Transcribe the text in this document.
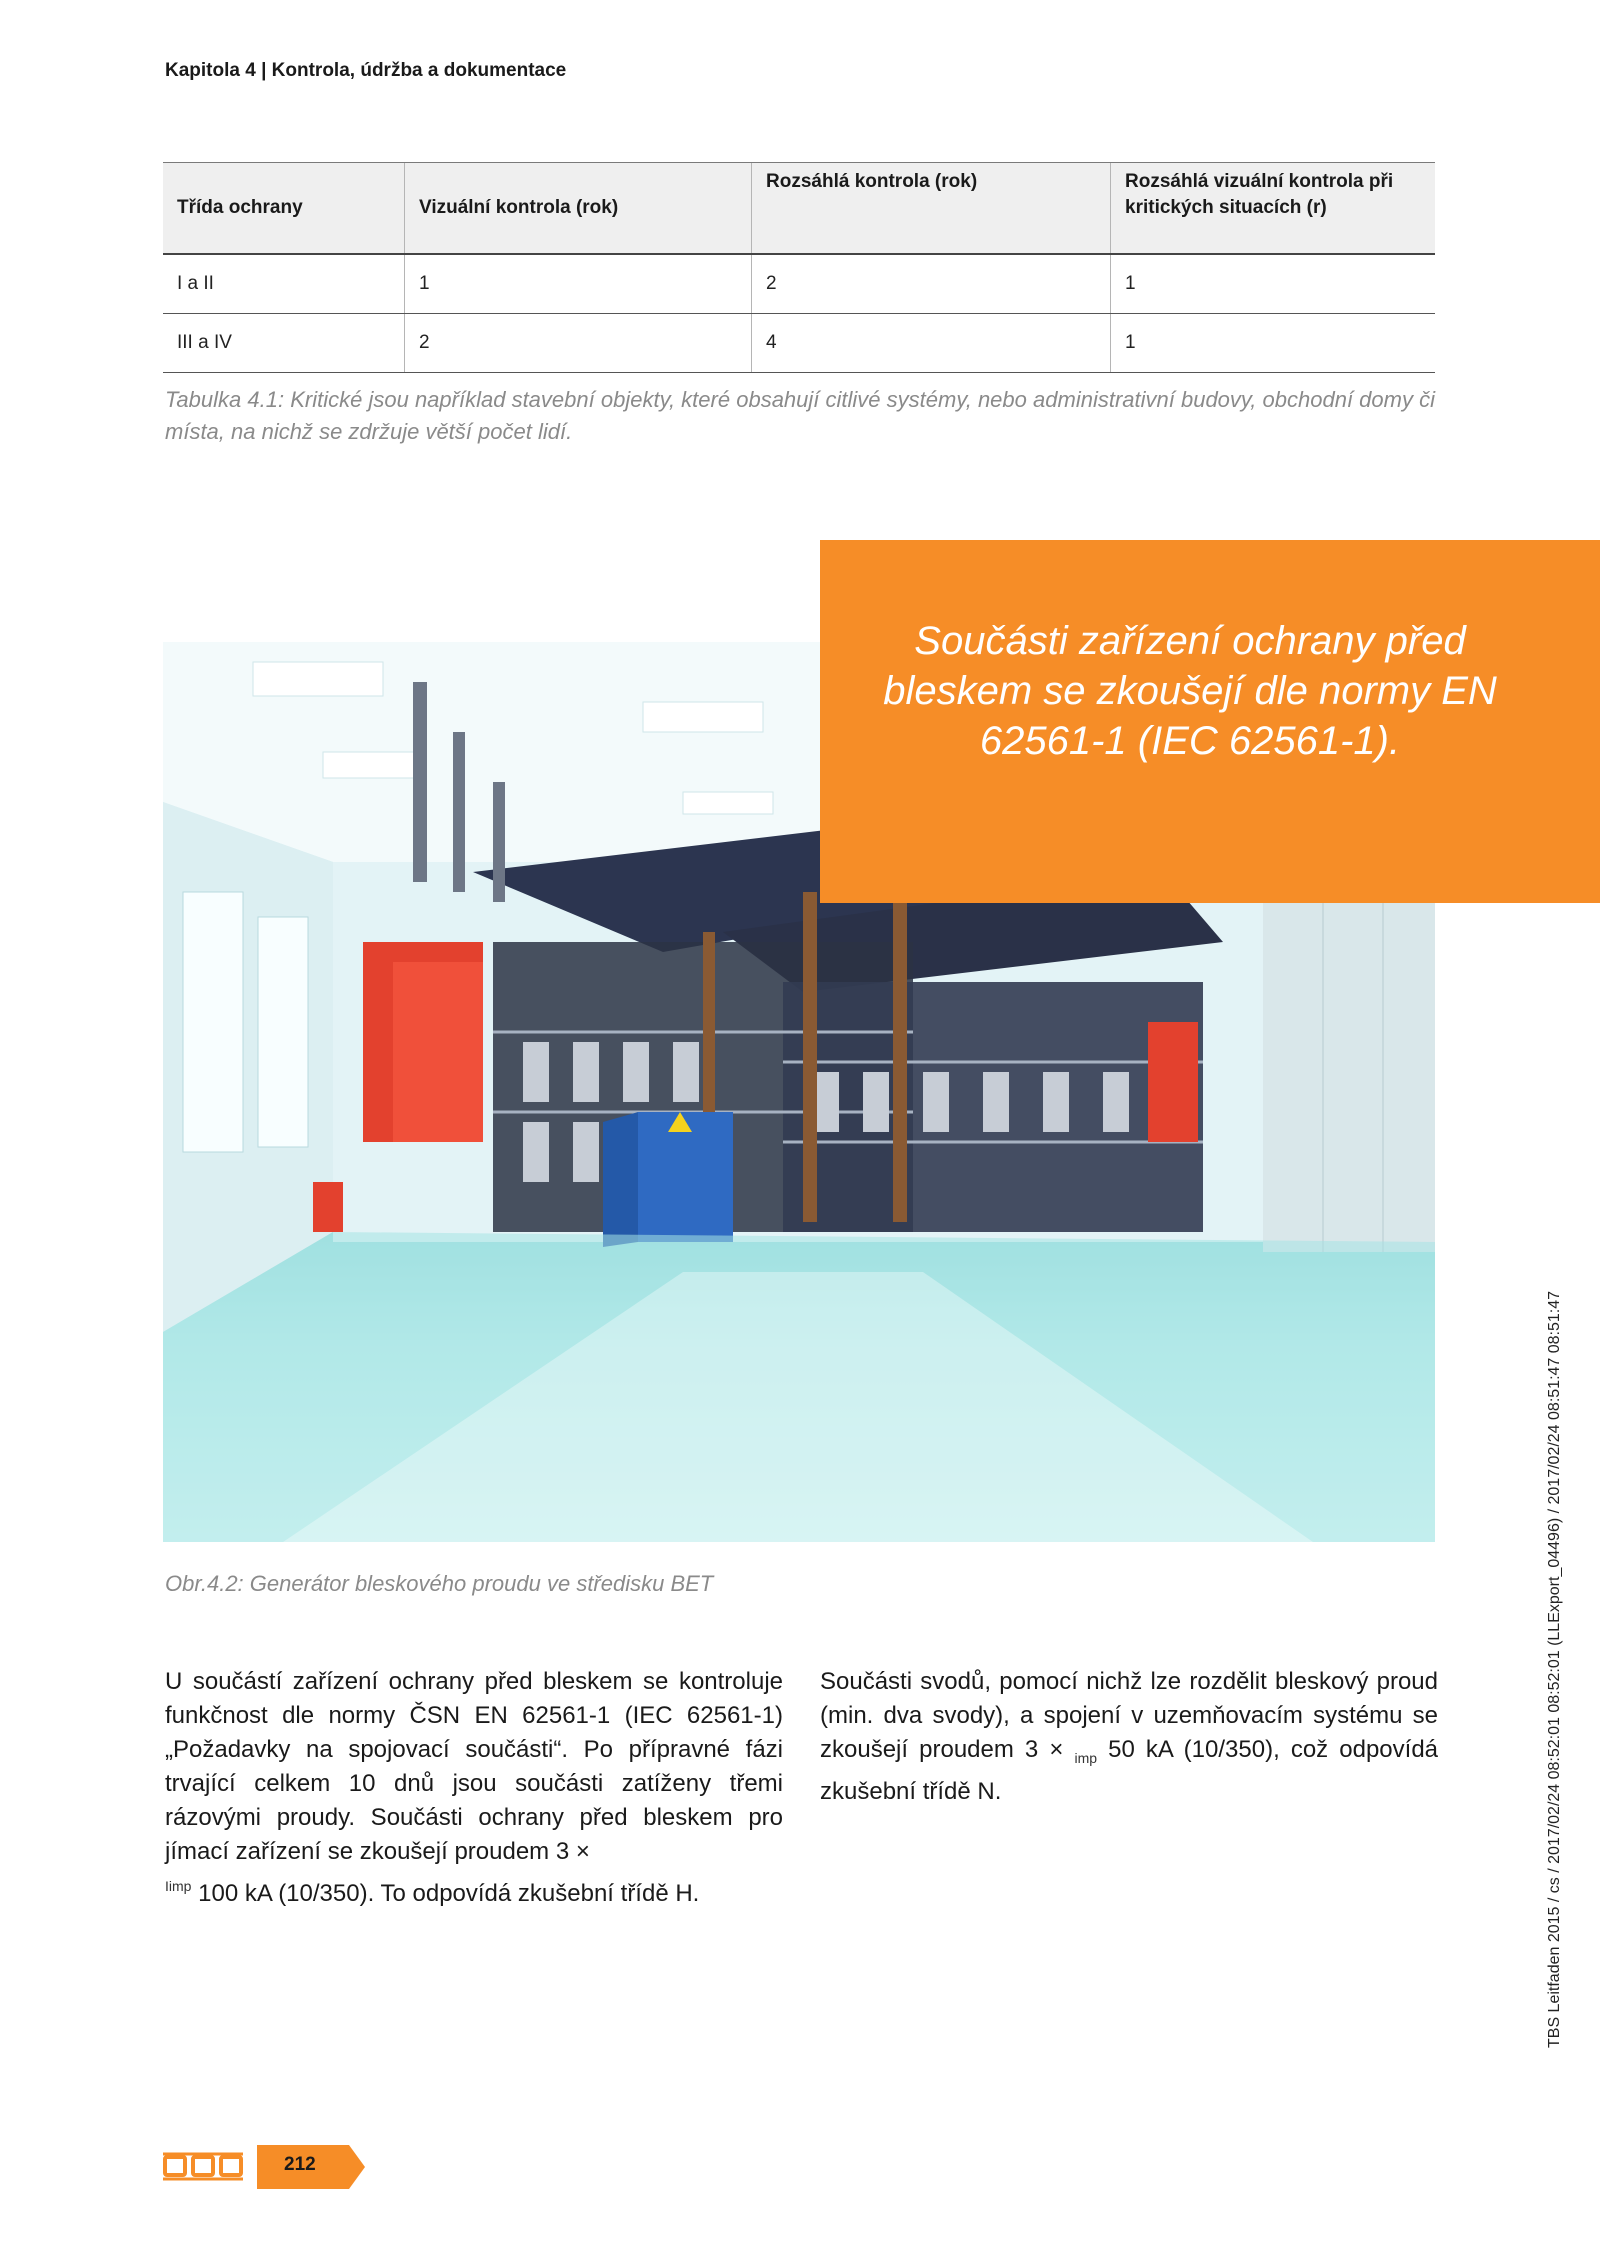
Kapitola 4 | Kontrola, údržba a dokumentace
Třída ochrany	Vizuální kontrola (rok)	Rozsáhlá kontrola (rok)	Rozsáhlá vizuální kontrola při kritických situacích (r)
I a II	1	2	1
III a IV	2	4	1
Tabulka 4.1: Kritické jsou například stavební objekty, které obsahují citlivé systémy, nebo administrativní budovy, obchodní domy či místa, na nichž se zdržuje větší počet lidí.
Součásti zařízení ochrany před bleskem se zkoušejí dle normy EN 62561-1 (IEC 62561-1).
Obr.4.2: Generátor bleskového proudu ve středisku BET
U součástí zařízení ochrany před bleskem se kontroluje funkčnost dle normy ČSN EN 62561-1 (IEC 62561-1) „Požadavky na spojovací součásti“. Po přípravné fázi trvající celkem 10 dnů jsou součásti zatíženy třemi rázovými proudy. Součásti ochrany před bleskem pro jímací zařízení se zkoušejí proudem 3 ×
$^{Iimp}$ 100 kA (10/350). To odpovídá zkušební třídě H.
Součásti svodů, pomocí nichž lze rozdělit bleskový proud (min. dva svody), a spojení v uzemňovacím systému se zkoušejí proudem 3 × $_{imp}$ 50 kA (10/350), což odpovídá zkušební třídě N.	TBS Leitfaden 2015 / cs / 2017/02/24 08:52:01 08:52:01 (LLExport_04496) / 2017/02/24 08:51:47 08:51:47
212
